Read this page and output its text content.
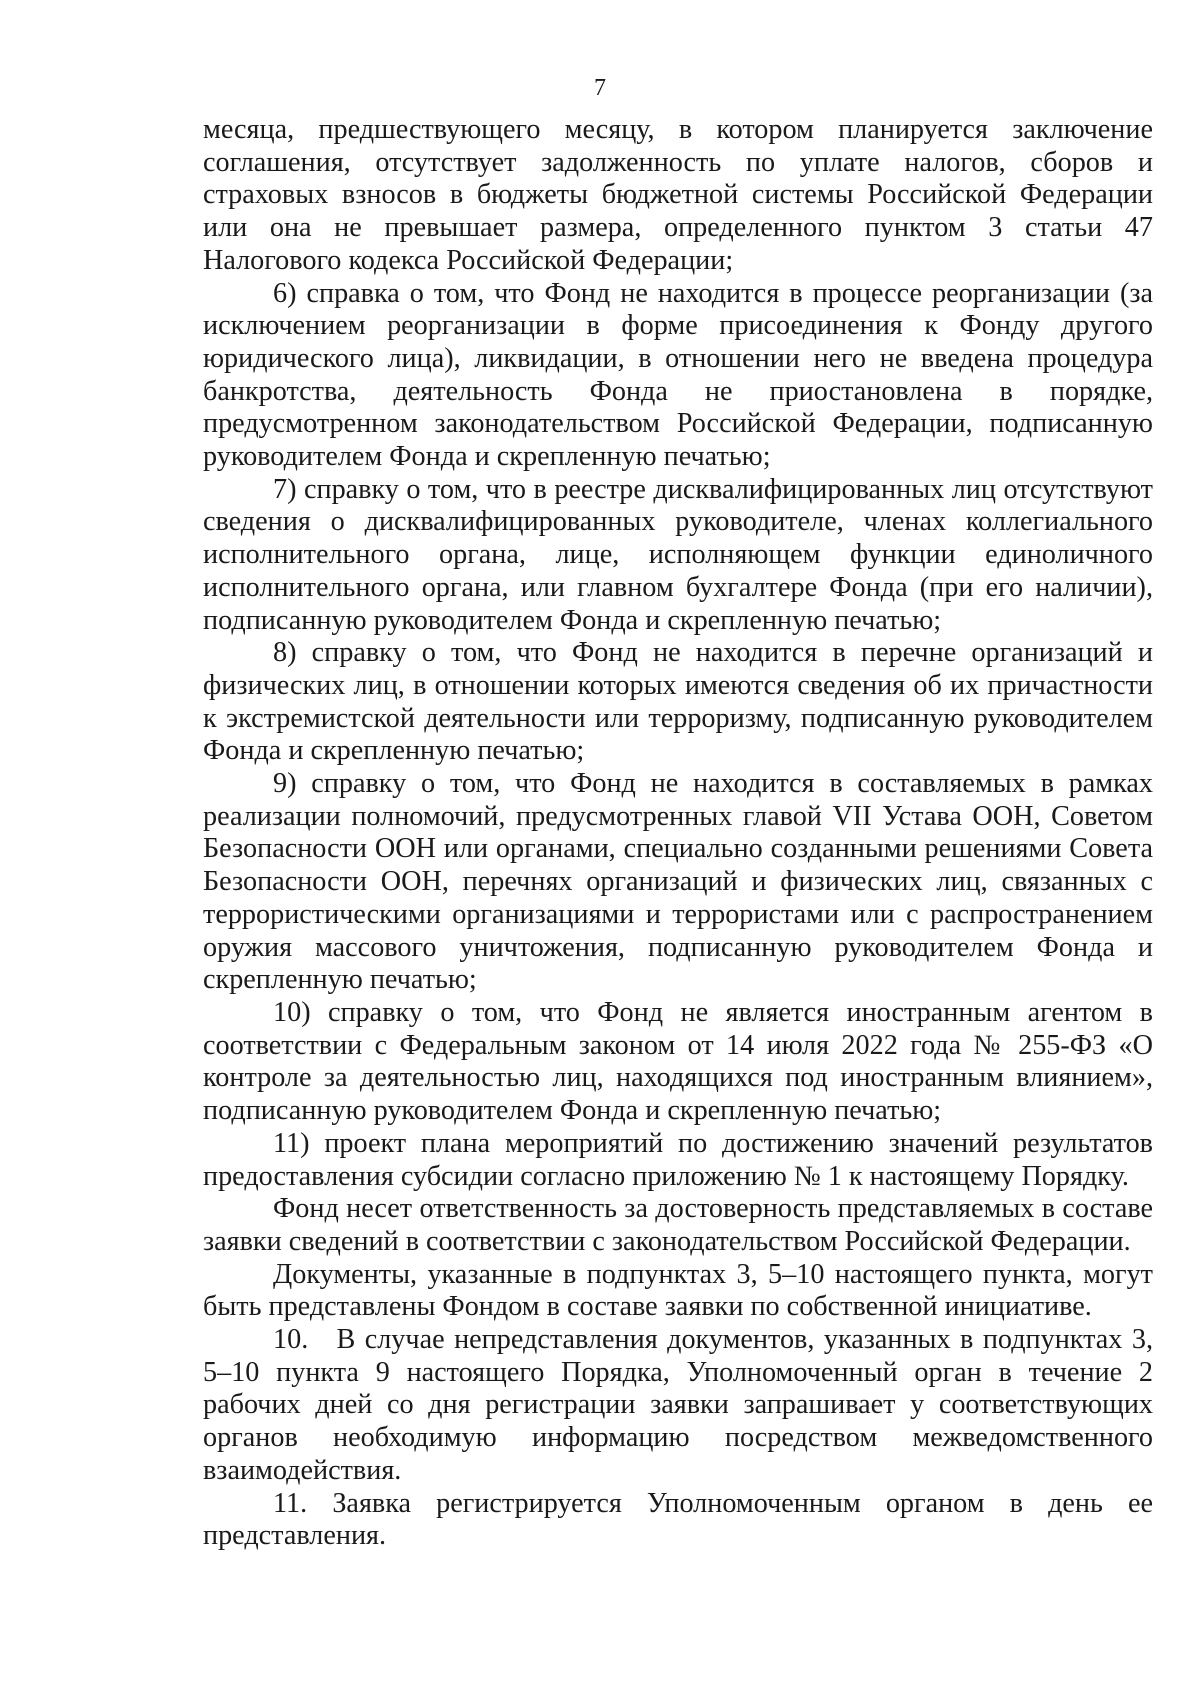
7

месяца, предшествующего месяцу, в котором планируется заключение соглашения, отсутствует задолженность по уплате налогов, сборов и страховых взносов в бюджеты бюджетной системы Российской Федерации или она не превышает размера, определенного пунктом 3 статьи 47 Налогового кодекса Российской Федерации;

6) справка о том, что Фонд не находится в процессе реорганизации (за исключением реорганизации в форме присоединения к Фонду другого юридического лица), ликвидации, в отношении него не введена процедура банкротства, деятельность Фонда не приостановлена в порядке, предусмотренном законодательством Российской Федерации, подписанную руководителем Фонда и скрепленную печатью;

7) справку о том, что в реестре дисквалифицированных лиц отсутствуют сведения о дисквалифицированных руководителе, членах коллегиального исполнительного органа, лице, исполняющем функции единоличного исполнительного органа, или главном бухгалтере Фонда (при его наличии), подписанную руководителем Фонда и скрепленную печатью;

8) справку о том, что Фонд не находится в перечне организаций и физических лиц, в отношении которых имеются сведения об их причастности к экстремистской деятельности или терроризму, подписанную руководителем Фонда и скрепленную печатью;

9) справку о том, что Фонд не находится в составляемых в рамках реализации полномочий, предусмотренных главой VII Устава ООН, Советом Безопасности ООН или органами, специально созданными решениями Совета Безопасности ООН, перечнях организаций и физических лиц, связанных с террористическими организациями и террористами или с распространением оружия массового уничтожения, подписанную руководителем Фонда и скрепленную печатью;

10) справку о том, что Фонд не является иностранным агентом в соответствии с Федеральным законом от 14 июля 2022 года № 255-ФЗ «О контроле за деятельностью лиц, находящихся под иностранным влиянием», подписанную руководителем Фонда и скрепленную печатью;

11) проект плана мероприятий по достижению значений результатов предоставления субсидии согласно приложению № 1 к настоящему Порядку.

Фонд несет ответственность за достоверность представляемых в составе заявки сведений в соответствии с законодательством Российской Федерации.

Документы, указанные в подпунктах 3, 5–10 настоящего пункта, могут быть представлены Фондом в составе заявки по собственной инициативе.

10. В случае непредставления документов, указанных в подпунктах 3, 5–10 пункта 9 настоящего Порядка, Уполномоченный орган в течение 2 рабочих дней со дня регистрации заявки запрашивает у соответствующих органов необходимую информацию посредством межведомственного взаимодействия.

11. Заявка регистрируется Уполномоченным органом в день ее представления.
